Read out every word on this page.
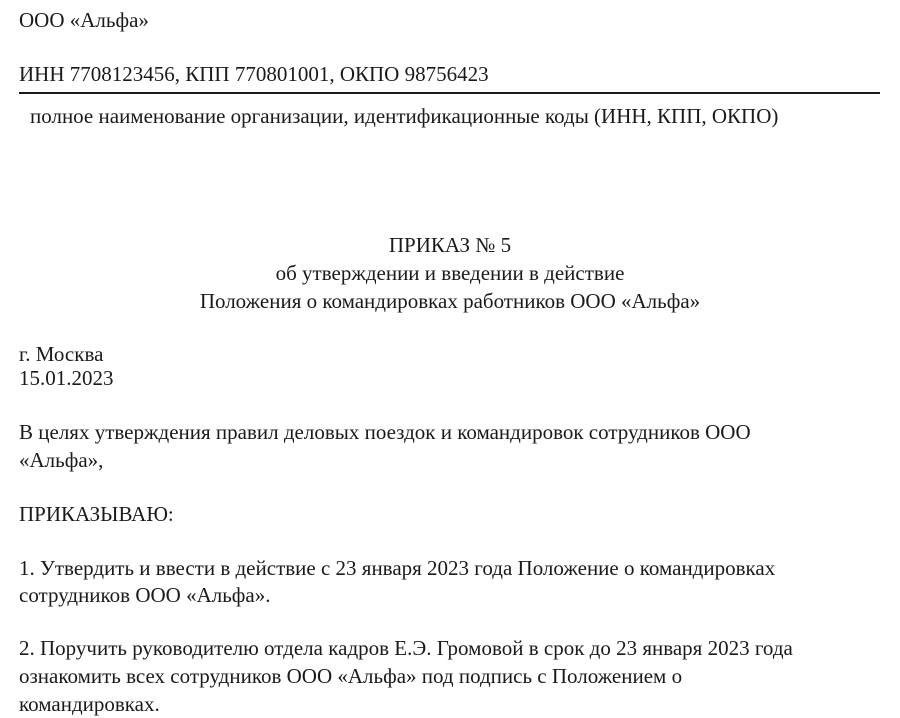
ООО «Альфа»
ИНН 7708123456, КПП 770801001, ОКПО 98756423
полное наименование организации, идентификационные коды (ИНН, КПП, ОКПО)
ПРИКАЗ № 5
об утверждении и введении в действие
Положения о командировках работников ООО «Альфа»
г. Москва
15.01.2023
В целях утверждения правил деловых поездок и командировок сотрудников ООО
«Альфа»,
ПРИКАЗЫВАЮ:
1. Утвердить и ввести в действие с 23 января 2023 года Положение о командировках
сотрудников ООО «Альфа».
2. Поручить руководителю отдела кадров Е.Э. Громовой в срок до 23 января 2023 года
ознакомить всех сотрудников ООО «Альфа» под подпись с Положением о
командировках.
